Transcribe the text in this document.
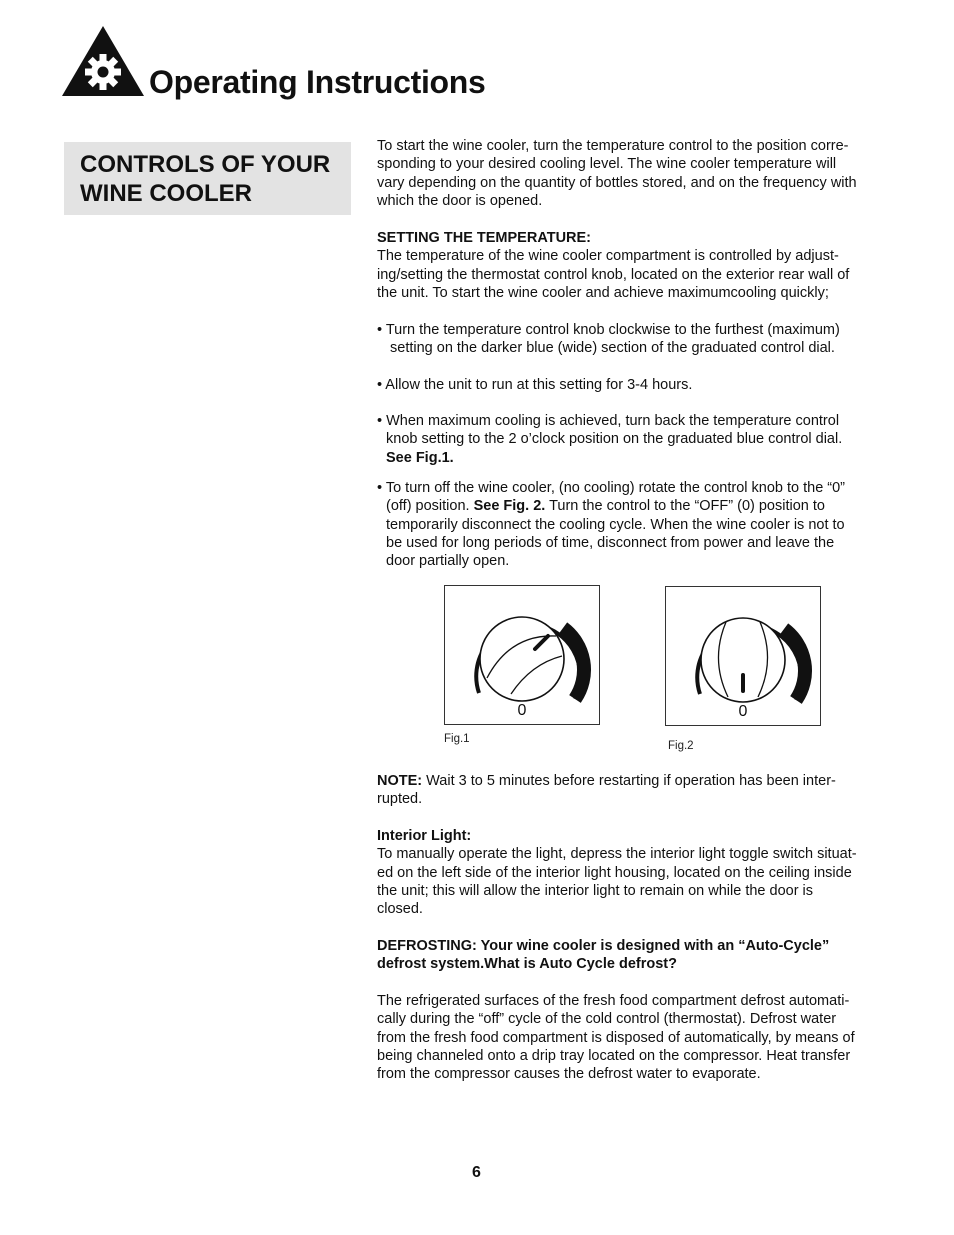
Operating Instructions
CONTROLS OF YOUR
WINE COOLER

To start the wine cooler, turn the temperature control to the position corre-
sponding to your desired cooling level. The wine cooler temperature will
vary depending on the quantity of bottles stored, and on the frequency with
which the door is opened.

SETTING THE TEMPERATURE:
The temperature of the wine cooler compartment is controlled by adjust-
ing/setting the thermostat control knob, located on the exterior rear wall of
the unit. To start the wine cooler and achieve maximumcooling quickly;

• Turn the temperature control knob clockwise to the furthest (maximum)
setting on the darker blue (wide) section of the graduated control dial.

• Allow the unit to run at this setting for 3-4 hours.

• When maximum cooling is achieved, turn back the temperature control
knob setting to the 2 o’clock position on the graduated blue control dial.
See Fig.1.

• To turn off the wine cooler, (no cooling) rotate the control knob to the “0”
(off) position. See Fig. 2. Turn the control to the “OFF” (0) position to
temporarily disconnect the cooling cycle. When the wine cooler is not to
be used for long periods of time, disconnect from power and leave the
door partially open.

0
Fig.1
0
Fig.2

NOTE: Wait 3 to 5 minutes before restarting if operation has been inter-
rupted.

Interior Light:
To manually operate the light, depress the interior light toggle switch situat-
ed on the left side of the interior light housing, located on the ceiling inside
the unit; this will allow the interior light to remain on while the door is
closed.

DEFROSTING: Your wine cooler is designed with an “Auto-Cycle”
defrost system.What is Auto Cycle defrost?

The refrigerated surfaces of the fresh food compartment defrost automati-
cally during the “off” cycle of the cold control (thermostat). Defrost water
from the fresh food compartment is disposed of automatically, by means of
being channeled onto a drip tray located on the compressor. Heat transfer
from the compressor causes the defrost water to evaporate.

6
